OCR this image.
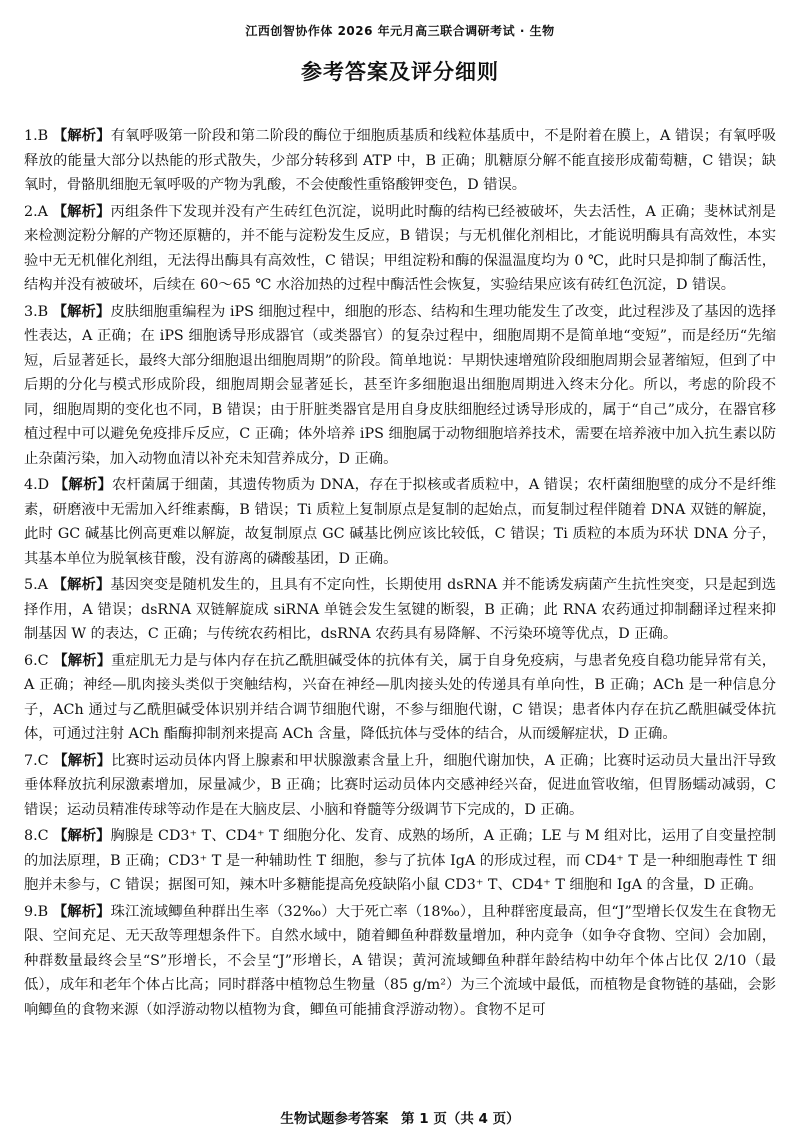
江西创智协作体 2026 年元月高三联合调研考试 · 生物
参考答案及评分细则

1.B 【解析】有氧呼吸第一阶段和第二阶段的酶位于细胞质基质和线粒体基质中，不是附着在膜上，A 错误；有氧呼吸释放的能量大部分以热能的形式散失，少部分转移到 ATP 中，B 正确；肌糖原分解不能直接形成葡萄糖，C 错误；缺氧时，骨骼肌细胞无氧呼吸的产物为乳酸，不会使酸性重铬酸钾变色，D 错误。

2.A 【解析】丙组条件下发现并没有产生砖红色沉淀，说明此时酶的结构已经被破坏，失去活性，A 正确；斐林试剂是来检测淀粉分解的产物还原糖的，并不能与淀粉发生反应，B 错误；与无机催化剂相比，才能说明酶具有高效性，本实验中无无机催化剂组，无法得出酶具有高效性，C 错误；甲组淀粉和酶的保温温度均为 0 ℃，此时只是抑制了酶活性，结构并没有被破坏，后续在 60～65 ℃ 水浴加热的过程中酶活性会恢复，实验结果应该有砖红色沉淀，D 错误。

3.B 【解析】皮肤细胞重编程为 iPS 细胞过程中，细胞的形态、结构和生理功能发生了改变，此过程涉及了基因的选择性表达，A 正确；在 iPS 细胞诱导形成器官（或类器官）的复杂过程中，细胞周期不是简单地“变短”，而是经历“先缩短，后显著延长，最终大部分细胞退出细胞周期”的阶段。简单地说：早期快速增殖阶段细胞周期会显著缩短，但到了中后期的分化与模式形成阶段，细胞周期会显著延长，甚至许多细胞退出细胞周期进入终末分化。所以，考虑的阶段不同，细胞周期的变化也不同，B 错误；由于肝脏类器官是用自身皮肤细胞经过诱导形成的，属于“自己”成分，在器官移植过程中可以避免免疫排斥反应，C 正确；体外培养 iPS 细胞属于动物细胞培养技术，需要在培养液中加入抗生素以防止杂菌污染，加入动物血清以补充未知营养成分，D 正确。

4.D 【解析】农杆菌属于细菌，其遗传物质为 DNA，存在于拟核或者质粒中，A 错误；农杆菌细胞壁的成分不是纤维素，研磨液中无需加入纤维素酶，B 错误；Ti 质粒上复制原点是复制的起始点，而复制过程伴随着 DNA 双链的解旋，此时 GC 碱基比例高更难以解旋，故复制原点 GC 碱基比例应该比较低，C 错误；Ti 质粒的本质为环状 DNA 分子，其基本单位为脱氧核苷酸，没有游离的磷酸基团，D 正确。

5.A 【解析】基因突变是随机发生的，且具有不定向性，长期使用 dsRNA 并不能诱发病菌产生抗性突变，只是起到选择作用，A 错误；dsRNA 双链解旋成 siRNA 单链会发生氢键的断裂，B 正确；此 RNA 农药通过抑制翻译过程来抑制基因 W 的表达，C 正确；与传统农药相比，dsRNA 农药具有易降解、不污染环境等优点，D 正确。

6.C 【解析】重症肌无力是与体内存在抗乙酰胆碱受体的抗体有关，属于自身免疫病，与患者免疫自稳功能异常有关，A 正确；神经—肌肉接头类似于突触结构，兴奋在神经—肌肉接头处的传递具有单向性，B 正确；ACh 是一种信息分子，ACh 通过与乙酰胆碱受体识别并结合调节细胞代谢，不参与细胞代谢，C 错误；患者体内存在抗乙酰胆碱受体抗体，可通过注射 ACh 酯酶抑制剂来提高 ACh 含量，降低抗体与受体的结合，从而缓解症状，D 正确。

7.C 【解析】比赛时运动员体内肾上腺素和甲状腺激素含量上升，细胞代谢加快，A 正确；比赛时运动员大量出汗导致垂体释放抗利尿激素增加，尿量减少，B 正确；比赛时运动员体内交感神经兴奋，促进血管收缩，但胃肠蠕动减弱，C 错误；运动员精准传球等动作是在大脑皮层、小脑和脊髓等分级调节下完成的，D 正确。

8.C 【解析】胸腺是 CD3⁺ T、CD4⁺ T 细胞分化、发育、成熟的场所，A 正确；LE 与 M 组对比，运用了自变量控制的加法原理，B 正确；CD3⁺ T 是一种辅助性 T 细胞，参与了抗体 IgA 的形成过程，而 CD4⁺ T 是一种细胞毒性 T 细胞并未参与，C 错误；据图可知，辣木叶多糖能提高免疫缺陷小鼠 CD3⁺ T、CD4⁺ T 细胞和 IgA 的含量，D 正确。

9.B 【解析】珠江流域鲫鱼种群出生率（32‰）大于死亡率（18‰），且种群密度最高，但“J”型增长仅发生在食物无限、空间充足、无天敌等理想条件下。自然水域中，随着鲫鱼种群数量增加，种内竞争（如争夺食物、空间）会加剧，种群数量最终会呈“S”形增长，不会呈“J”形增长，A 错误；黄河流域鲫鱼种群年龄结构中幼年个体占比仅 2/10（最低），成年和老年个体占比高；同时群落中植物总生物量（85 g/m²）为三个流域中最低，而植物是食物链的基础，会影响鲫鱼的食物来源（如浮游动物以植物为食，鲫鱼可能捕食浮游动物）。食物不足可

生物试题参考答案 第 1 页（共 4 页）
